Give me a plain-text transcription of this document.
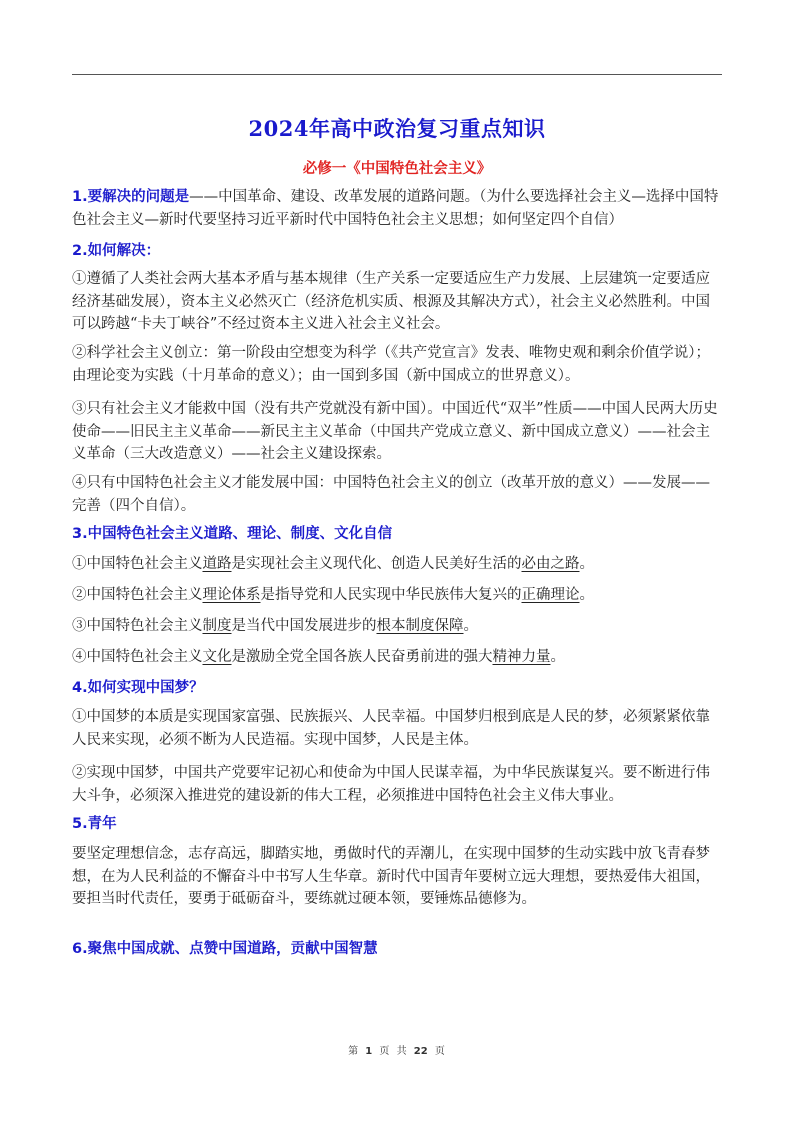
2024年高中政治复习重点知识
必修一《中国特色社会主义》
1.要解决的问题是——中国革命、建设、改革发展的道路问题。（为什么要选择社会主义—选择中国特色社会主义—新时代要坚持习近平新时代中国特色社会主义思想；如何坚定四个自信）
2.如何解决：
①遵循了人类社会两大基本矛盾与基本规律（生产关系一定要适应生产力发展、上层建筑一定要适应经济基础发展），资本主义必然灭亡（经济危机实质、根源及其解决方式），社会主义必然胜利。中国可以跨越“卡夫丁峡谷”不经过资本主义进入社会主义社会。
②科学社会主义创立：第一阶段由空想变为科学（《共产党宣言》发表、唯物史观和剩余价值学说）；由理论变为实践（十月革命的意义）；由一国到多国（新中国成立的世界意义）。
③只有社会主义才能救中国（没有共产党就没有新中国）。中国近代“双半”性质——中国人民两大历史使命——旧民主主义革命——新民主主义革命（中国共产党成立意义、新中国成立意义）——社会主义革命（三大改造意义）——社会主义建设探索。
④只有中国特色社会主义才能发展中国：中国特色社会主义的创立（改革开放的意义）——发展——完善（四个自信）。
3.中国特色社会主义道路、理论、制度、文化自信
①中国特色社会主义道路是实现社会主义现代化、创造人民美好生活的必由之路。
②中国特色社会主义理论体系是指导党和人民实现中华民族伟大复兴的正确理论。
③中国特色社会主义制度是当代中国发展进步的根本制度保障。
④中国特色社会主义文化是激励全党全国各族人民奋勇前进的强大精神力量。
4.如何实现中国梦？
①中国梦的本质是实现国家富强、民族振兴、人民幸福。中国梦归根到底是人民的梦，必须紧紧依靠人民来实现，必须不断为人民造福。实现中国梦，人民是主体。
②实现中国梦，中国共产党要牢记初心和使命为中国人民谋幸福，为中华民族谋复兴。要不断进行伟大斗争，必须深入推进党的建设新的伟大工程，必须推进中国特色社会主义伟大事业。
5.青年
要坚定理想信念，志存高远，脚踏实地，勇做时代的弄潮儿，在实现中国梦的生动实践中放飞青春梦想，在为人民利益的不懈奋斗中书写人生华章。新时代中国青年要树立远大理想，要热爱伟大祖国，要担当时代责任，要勇于砥砺奋斗，要练就过硬本领，要锤炼品德修为。
6.聚焦中国成就、点赞中国道路，贡献中国智慧
第 1 页 共 22 页
